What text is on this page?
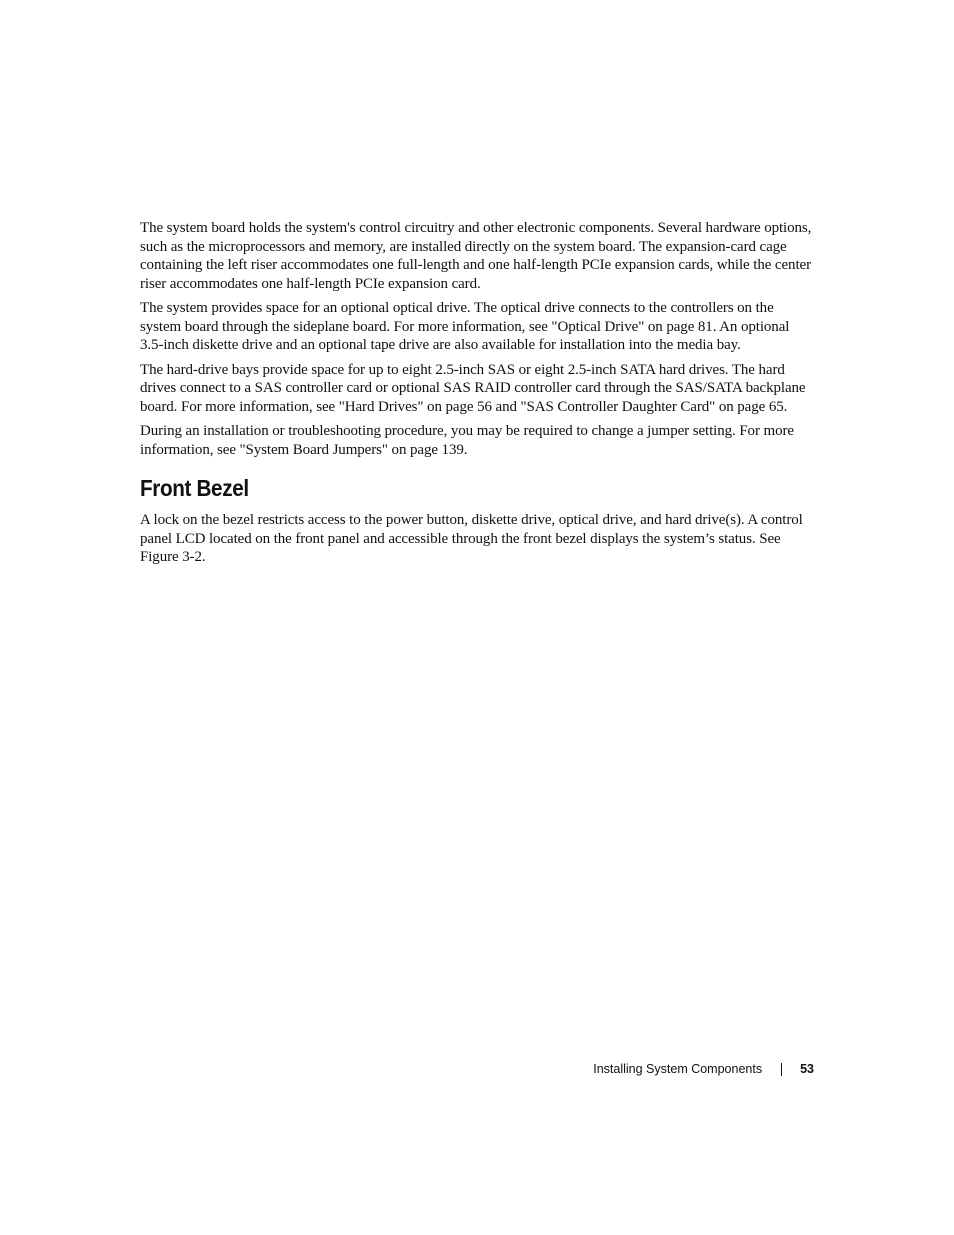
The system board holds the system's control circuitry and other electronic components. Several hardware options, such as the microprocessors and memory, are installed directly on the system board. The expansion-card cage containing the left riser accommodates one full-length and one half-length PCIe expansion cards, while the center riser accommodates one half-length PCIe expansion card.

The system provides space for an optional optical drive. The optical drive connects to the controllers on the system board through the sideplane board. For more information, see "Optical Drive" on page 81. An optional 3.5-inch diskette drive and an optional tape drive are also available for installation into the media bay.

The hard-drive bays provide space for up to eight 2.5-inch SAS or eight 2.5-inch SATA hard drives. The hard drives connect to a SAS controller card or optional SAS RAID controller card through the SAS/SATA backplane board. For more information, see "Hard Drives" on page 56 and "SAS Controller Daughter Card" on page 65.

During an installation or troubleshooting procedure, you may be required to change a jumper setting. For more information, see "System Board Jumpers" on page 139.

Front Bezel

A lock on the bezel restricts access to the power button, diskette drive, optical drive, and hard drive(s). A control panel LCD located on the front panel and accessible through the front bezel displays the system’s status. See Figure 3-2.

Installing System Components	53
